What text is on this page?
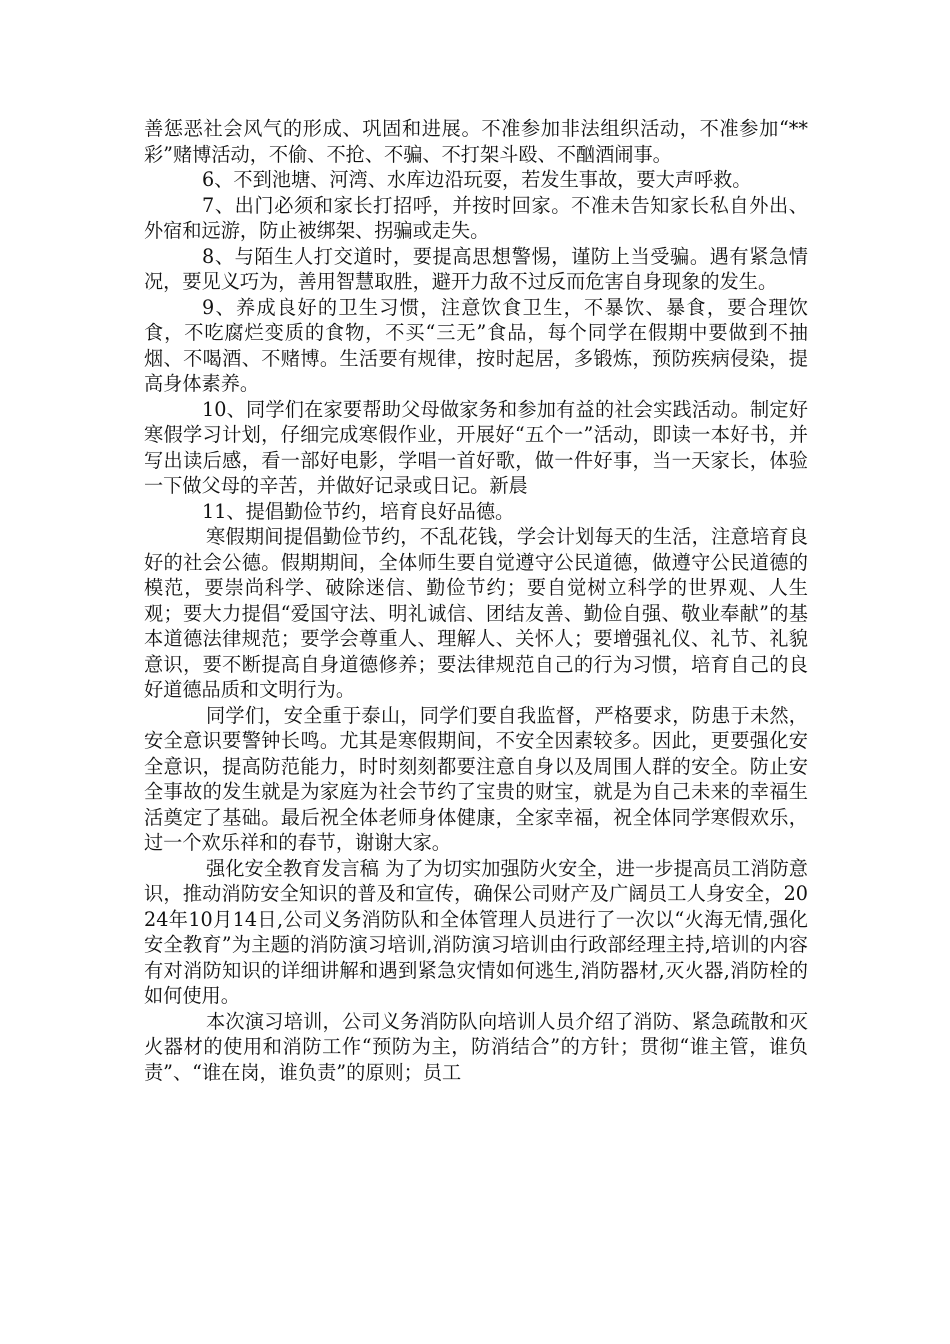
善惩恶社会风气的形成、巩固和进展。不准参加非法组织活动，不准参加“**彩”赌博活动，不偷、不抢、不骗、不打架斗殴、不酗酒闹事。

6、不到池塘、河湾、水库边沿玩耍，若发生事故，要大声呼救。

7、出门必须和家长打招呼，并按时回家。不准未告知家长私自外出、外宿和远游，防止被绑架、拐骗或走失。

8、与陌生人打交道时，要提高思想警惕，谨防上当受骗。遇有紧急情况，要见义巧为，善用智慧取胜，避开力敌不过反而危害自身现象的发生。

9、养成良好的卫生习惯，注意饮食卫生，不暴饮、暴食，要合理饮食，不吃腐烂变质的食物，不买“三无”食品，每个同学在假期中要做到不抽烟、不喝酒、不赌博。生活要有规律，按时起居，多锻炼，预防疾病侵染，提高身体素养。

10、同学们在家要帮助父母做家务和参加有益的社会实践活动。制定好寒假学习计划，仔细完成寒假作业，开展好“五个一”活动，即读一本好书，并写出读后感，看一部好电影，学唱一首好歌，做一件好事，当一天家长，体验一下做父母的辛苦，并做好记录或日记。新晨

11、提倡勤俭节约，培育良好品德。

寒假期间提倡勤俭节约，不乱花钱，学会计划每天的生活，注意培育良好的社会公德。假期期间，全体师生要自觉遵守公民道德，做遵守公民道德的模范，要崇尚科学、破除迷信、勤俭节约；要自觉树立科学的世界观、人生观；要大力提倡“爱国守法、明礼诚信、团结友善、勤俭自强、敬业奉献”的基本道德法律规范；要学会尊重人、理解人、关怀人；要增强礼仪、礼节、礼貌意识，要不断提高自身道德修养；要法律规范自己的行为习惯，培育自己的良好道德品质和文明行为。

同学们，安全重于泰山，同学们要自我监督，严格要求，防患于未然，安全意识要警钟长鸣。尤其是寒假期间，不安全因素较多。因此，更要强化安全意识，提高防范能力，时时刻刻都要注意自身以及周围人群的安全。防止安全事故的发生就是为家庭为社会节约了宝贵的财宝，就是为自己未来的幸福生活奠定了基础。最后祝全体老师身体健康，全家幸福，祝全体同学寒假欢乐，过一个欢乐祥和的春节，谢谢大家。

强化安全教育发言稿 为了为切实加强防火安全，进一步提高员工消防意识，推动消防安全知识的普及和宣传，确保公司财产及广阔员工人身安全，2024年10月14日,公司义务消防队和全体管理人员进行了一次以“火海无情,强化安全教育”为主题的消防演习培训,消防演习培训由行政部经理主持,培训的内容有对消防知识的详细讲解和遇到紧急灾情如何逃生,消防器材,灭火器,消防栓的如何使用。

本次演习培训，公司义务消防队向培训人员介绍了消防、紧急疏散和灭火器材的使用和消防工作“预防为主，防消结合”的方针；贯彻“谁主管，谁负责”、“谁在岗，谁负责”的原则；员工
